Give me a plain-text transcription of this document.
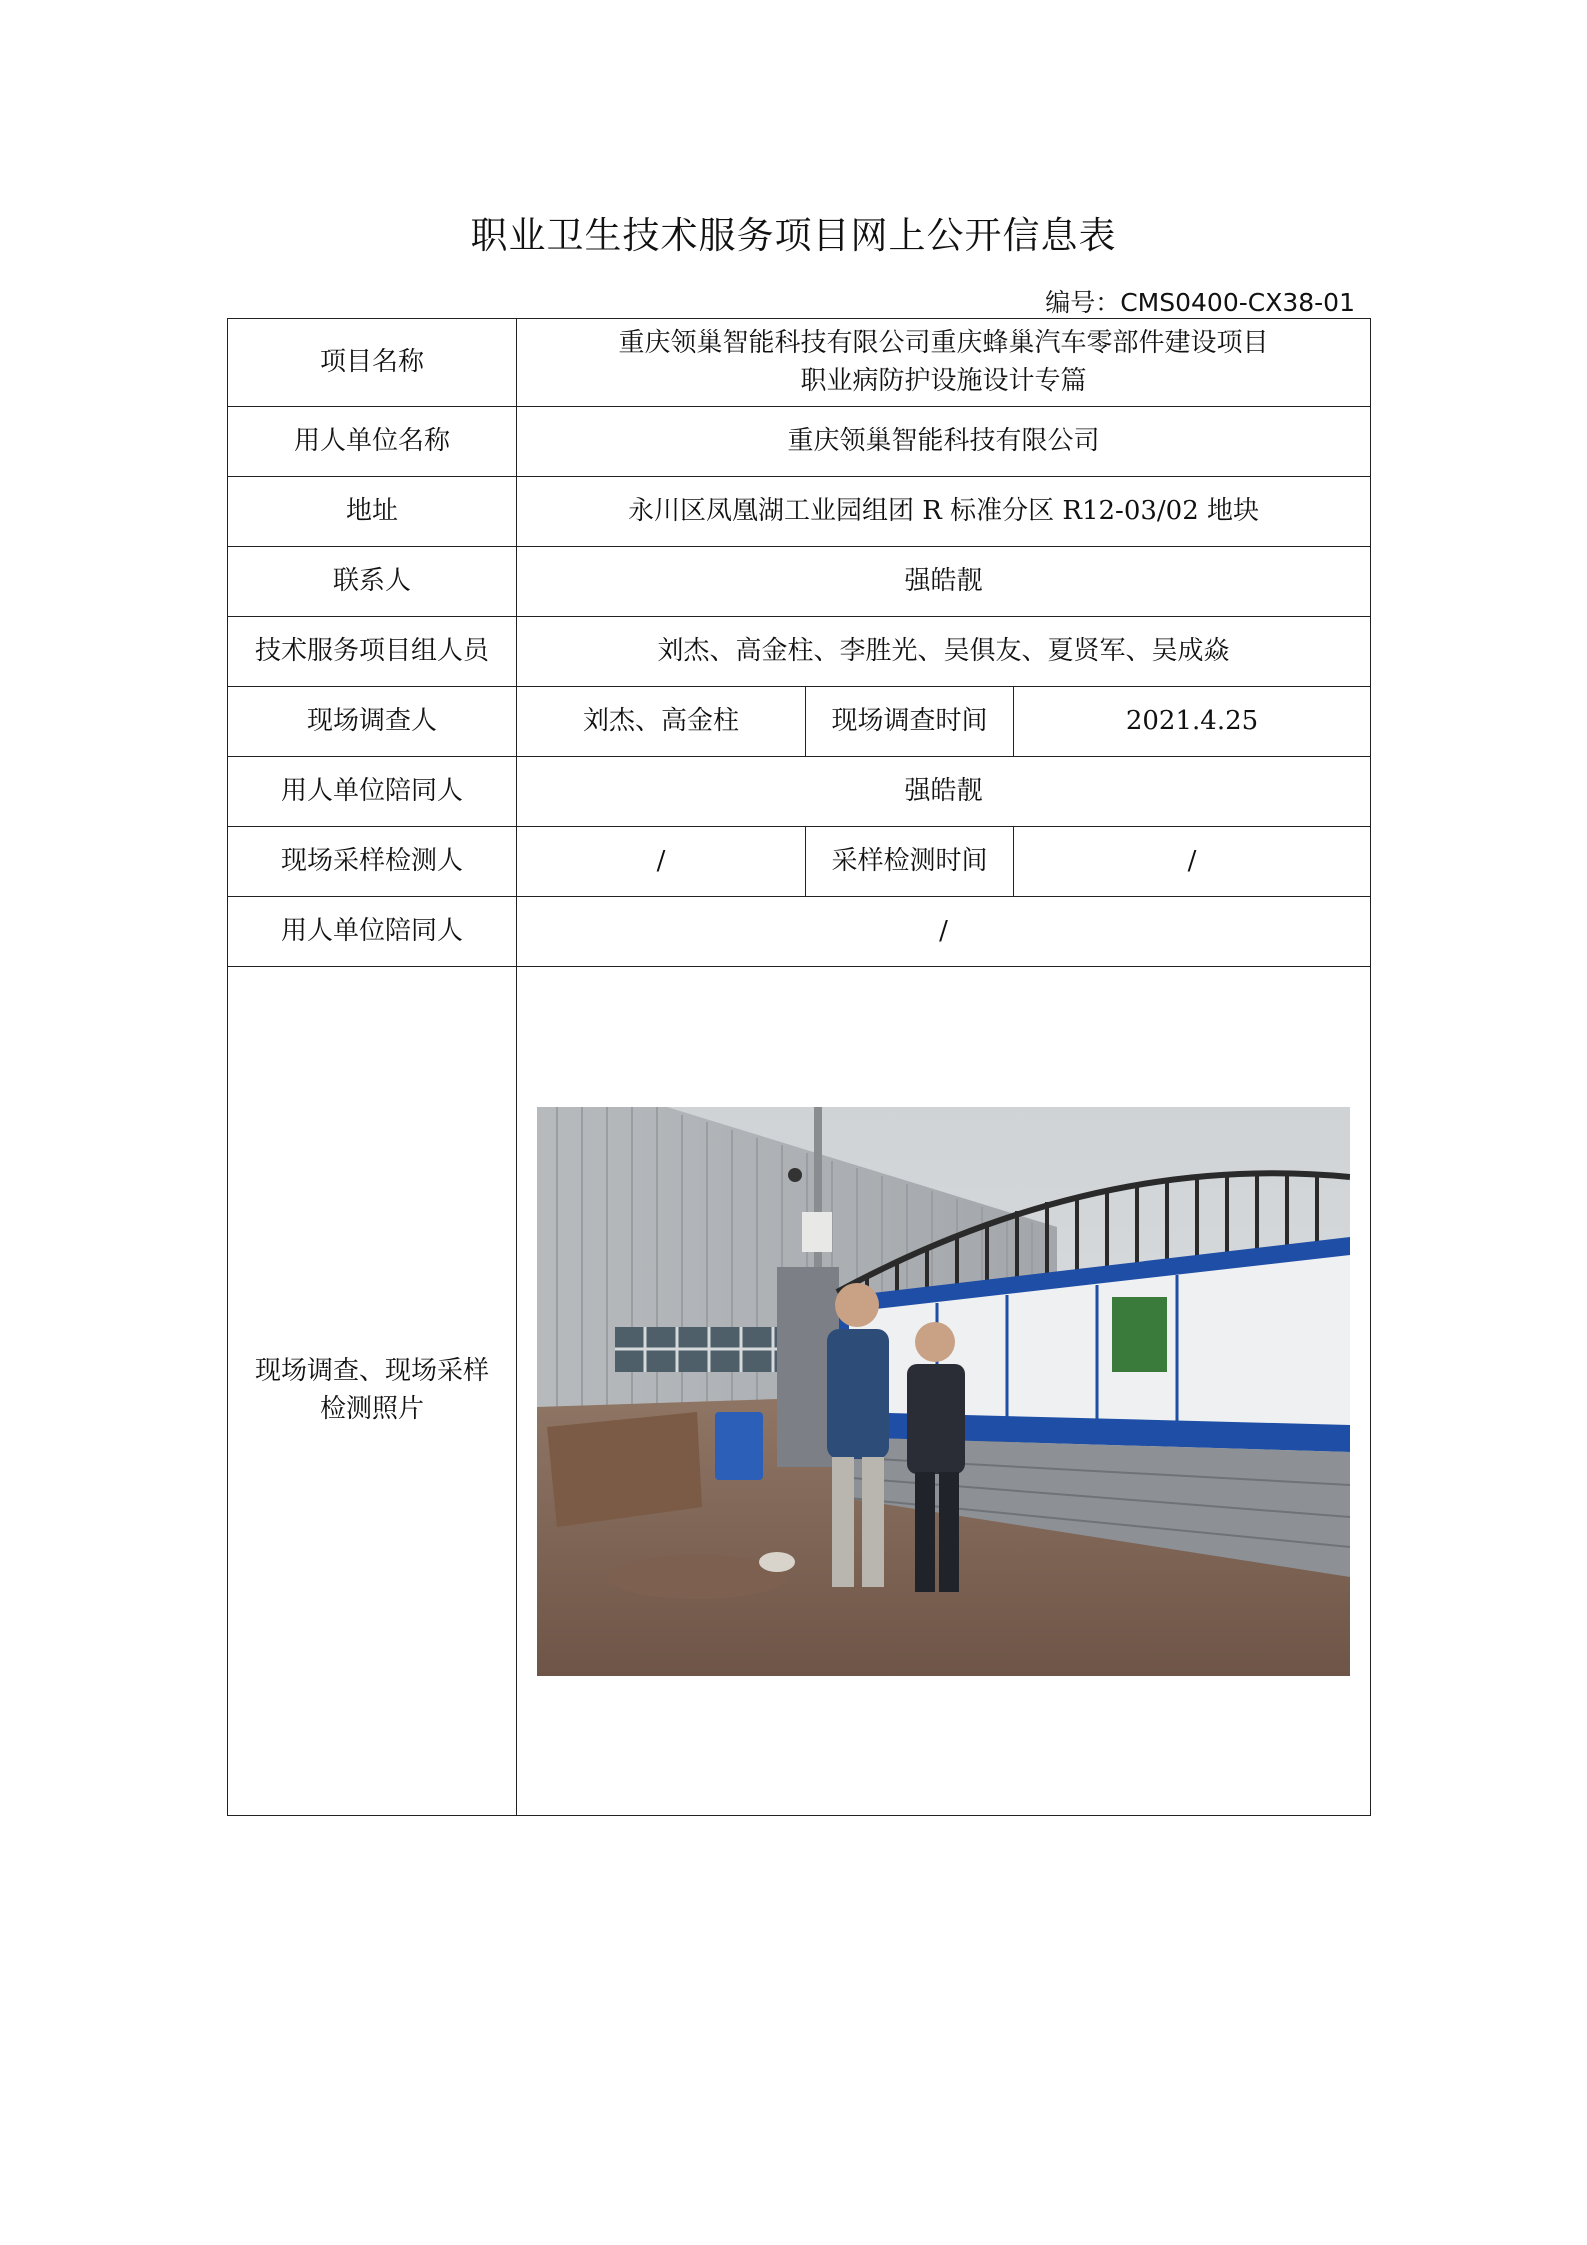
职业卫生技术服务项目网上公开信息表
编号：CMS0400-CX38-01
项目名称	重庆领巢智能科技有限公司重庆蜂巢汽车零部件建设项目
职业病防护设施设计专篇		

用人单位名称	重庆领巢智能科技有限公司		
地址	永川区凤凰湖工业园组团 R 标准分区 R12-03/02 地块		
联系人	强皓靓		
技术服务项目组人员	刘杰、高金柱、李胜光、吴俱友、夏贤军、吴成焱		
现场调查人	刘杰、高金柱	现场调查时间	2021.4.25
用人单位陪同人	强皓靓		
现场采样检测人	/	采样检测时间	/
用人单位陪同人	/		

现场调查、现场采样
检测照片
